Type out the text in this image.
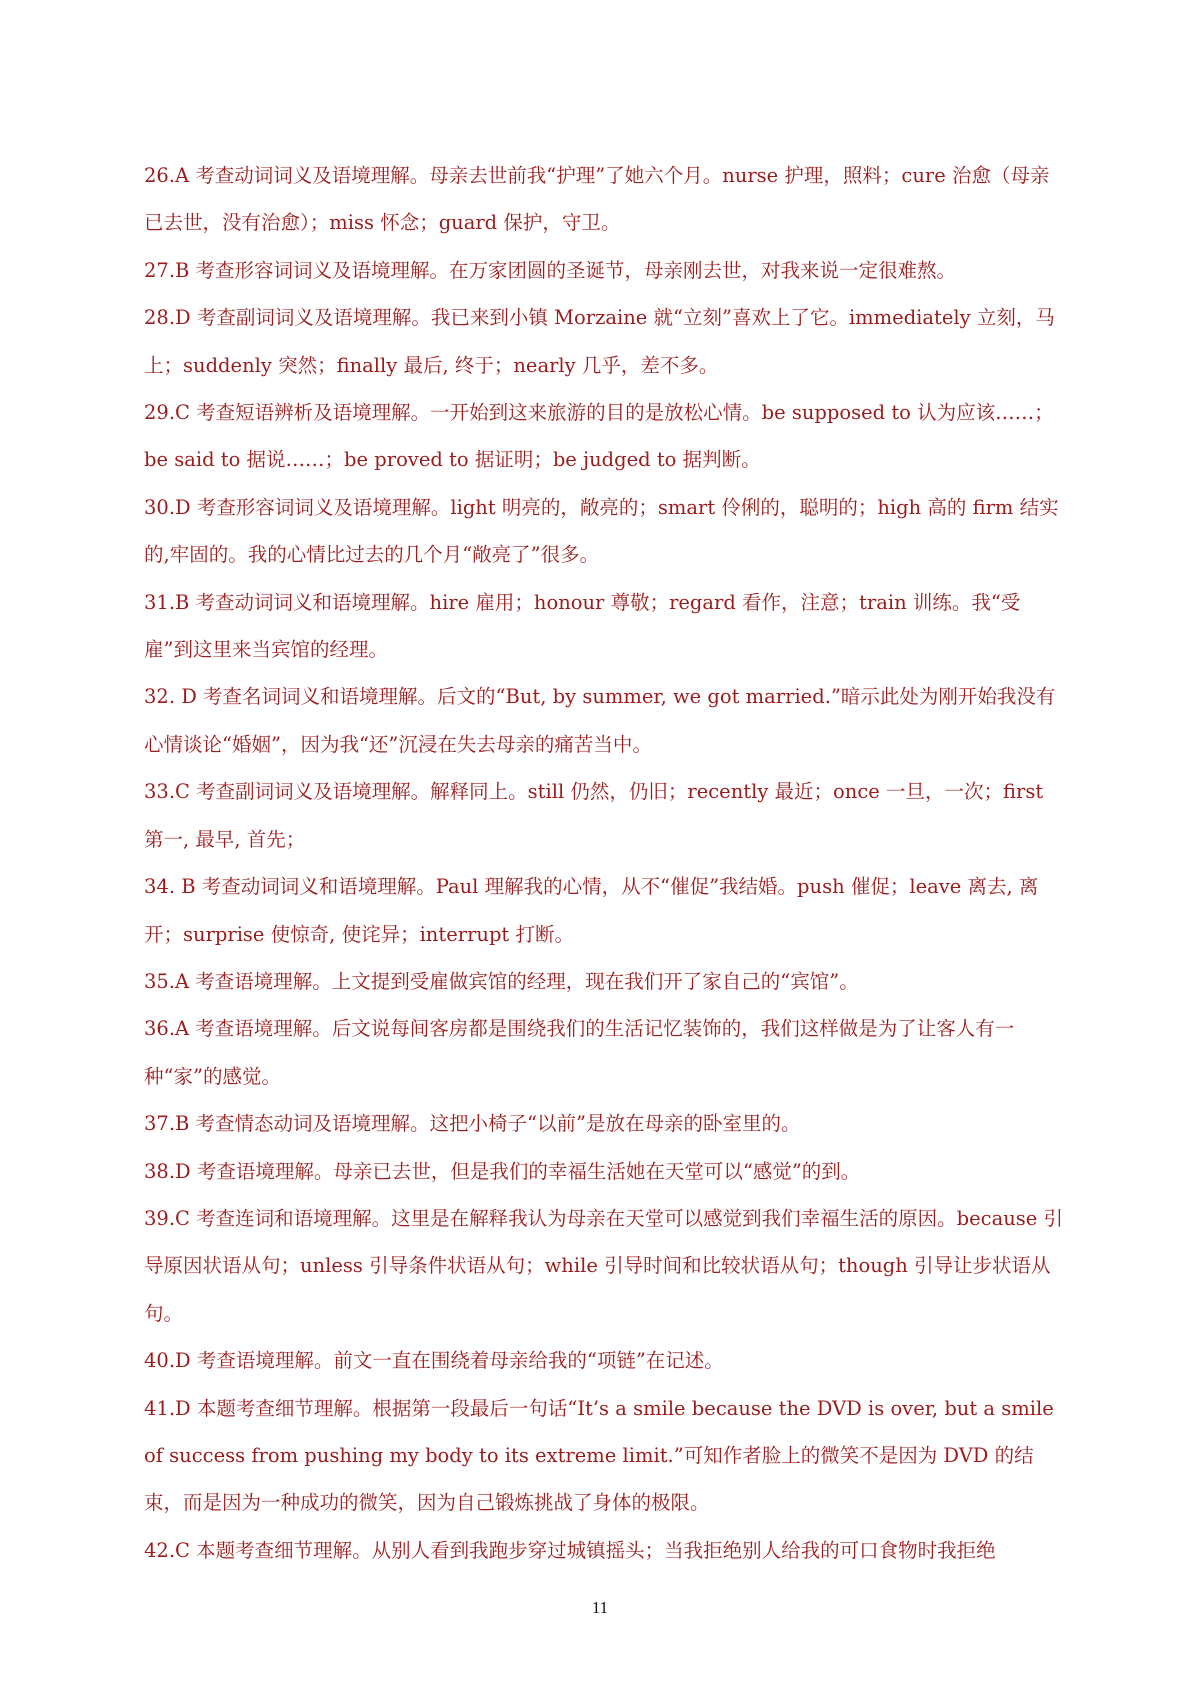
26.A 考查动词词义及语境理解。母亲去世前我“护理”了她六个月。nurse 护理，照料；cure 治愈（母亲已去世，没有治愈）；miss 怀念；guard 保护，守卫。

27.B 考查形容词词义及语境理解。在万家团圆的圣诞节，母亲刚去世，对我来说一定很难熬。

28.D 考查副词词义及语境理解。我已来到小镇 Morzaine 就“立刻”喜欢上了它。immediately 立刻，马上；suddenly 突然；finally 最后, 终于；nearly 几乎，差不多。

29.C 考查短语辨析及语境理解。一开始到这来旅游的目的是放松心情。be supposed to 认为应该……；be said to 据说……；be proved to 据证明；be judged to 据判断。

30.D 考查形容词词义及语境理解。light 明亮的，敞亮的；smart 伶俐的，聪明的；high 高的 firm 结实的,牢固的。我的心情比过去的几个月“敞亮了”很多。

31.B 考查动词词义和语境理解。hire 雇用；honour 尊敬；regard 看作，注意；train 训练。我“受雇”到这里来当宾馆的经理。

32. D 考查名词词义和语境理解。后文的“But, by summer, we got married.”暗示此处为刚开始我没有心情谈论“婚姻”，因为我“还”沉浸在失去母亲的痛苦当中。

33.C 考查副词词义及语境理解。解释同上。still 仍然，仍旧；recently 最近；once 一旦，一次；first 第一, 最早, 首先；

34. B 考查动词词义和语境理解。Paul 理解我的心情，从不“催促”我结婚。push 催促；leave 离去, 离开；surprise 使惊奇, 使诧异；interrupt 打断。

35.A 考查语境理解。上文提到受雇做宾馆的经理，现在我们开了家自己的“宾馆”。

36.A 考查语境理解。后文说每间客房都是围绕我们的生活记忆装饰的，我们这样做是为了让客人有一种“家”的感觉。

37.B 考查情态动词及语境理解。这把小椅子“以前”是放在母亲的卧室里的。

38.D 考查语境理解。母亲已去世，但是我们的幸福生活她在天堂可以“感觉”的到。

39.C 考查连词和语境理解。这里是在解释我认为母亲在天堂可以感觉到我们幸福生活的原因。because 引导原因状语从句；unless 引导条件状语从句；while 引导时间和比较状语从句；though 引导让步状语从句。

40.D 考查语境理解。前文一直在围绕着母亲给我的“项链”在记述。

41.D 本题考查细节理解。根据第一段最后一句话“It’s a smile because the DVD is over, but a smile of success from pushing my body to its extreme limit.”可知作者脸上的微笑不是因为 DVD 的结束，而是因为一种成功的微笑，因为自己锻炼挑战了身体的极限。

42.C 本题考查细节理解。从别人看到我跑步穿过城镇摇头；当我拒绝别人给我的可口食物时我拒绝

11
